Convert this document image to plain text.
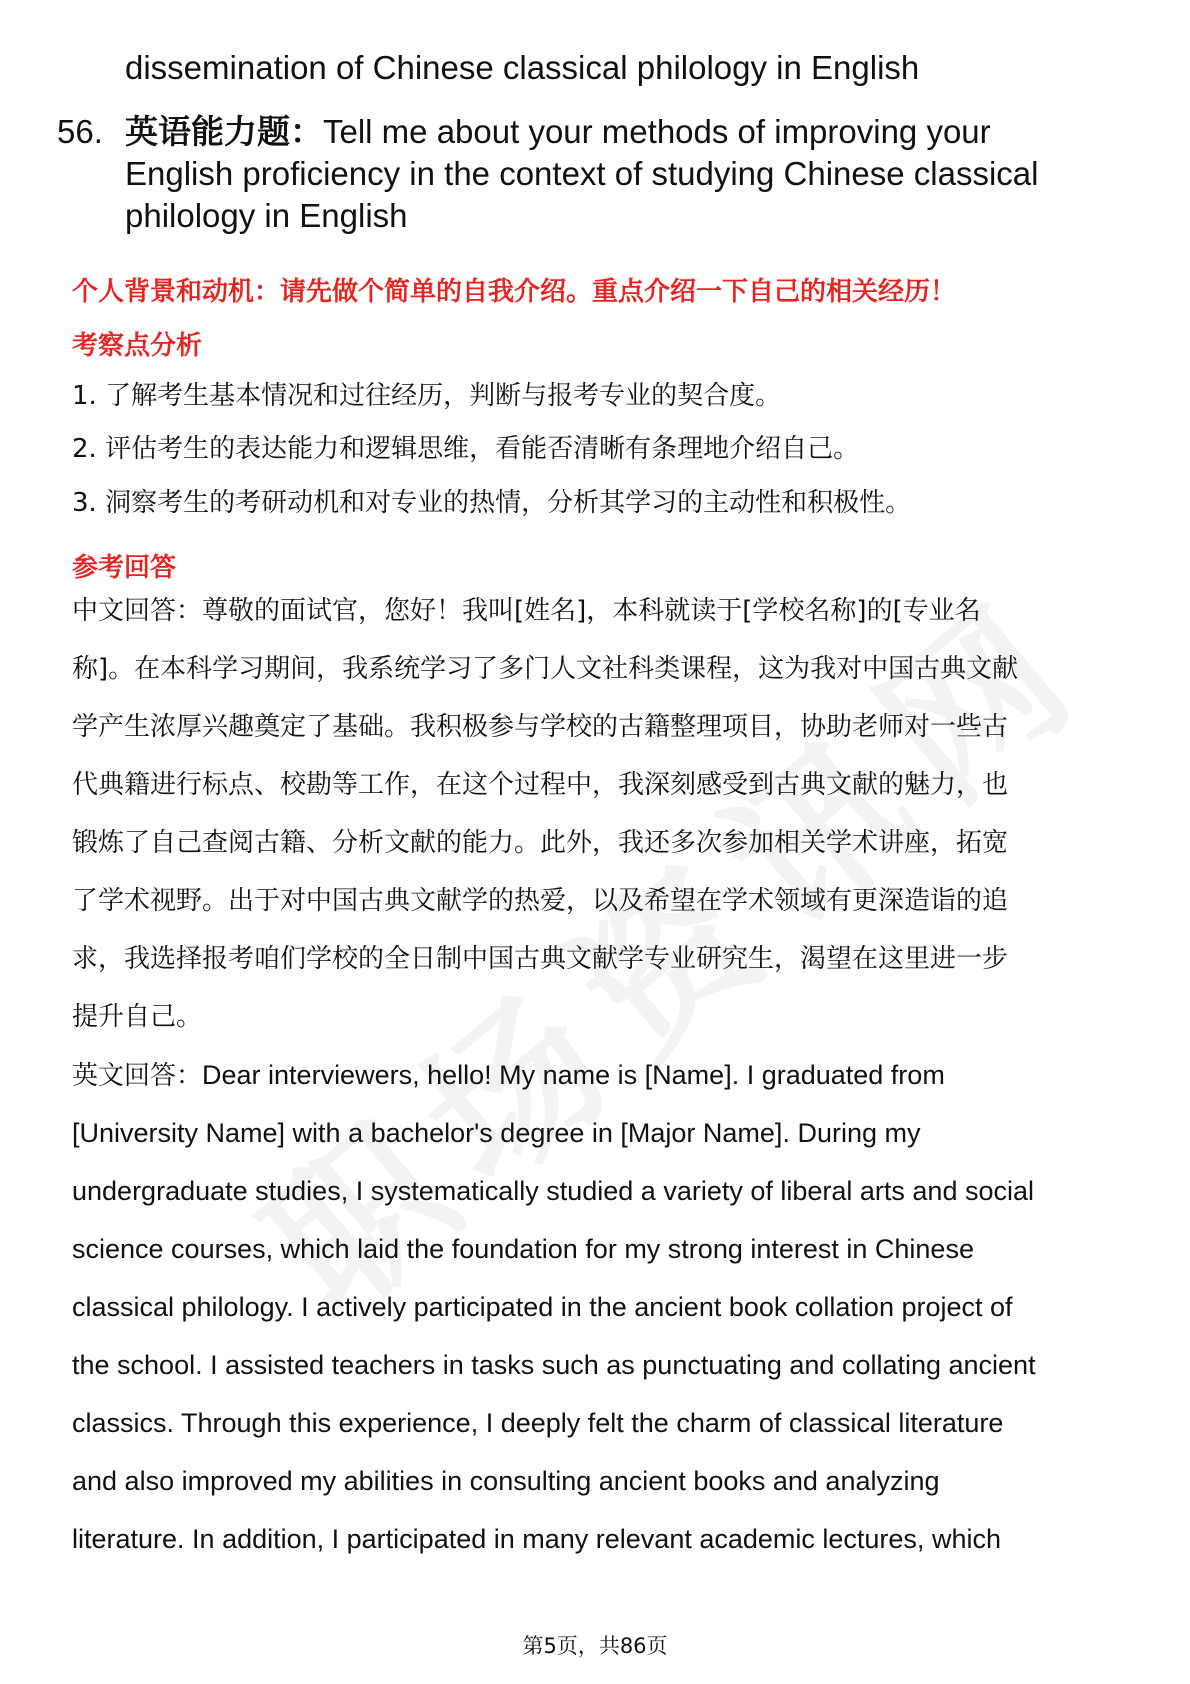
dissemination of Chinese classical philology in English
56. 英语能力题：Tell me about your methods of improving your
English proficiency in the context of studying Chinese classical
philology in English
个人背景和动机：请先做个简单的自我介绍。重点介绍一下自己的相关经历！
考察点分析
1. 了解考生基本情况和过往经历，判断与报考专业的契合度。
2. 评估考生的表达能力和逻辑思维，看能否清晰有条理地介绍自己。
3. 洞察考生的考研动机和对专业的热情，分析其学习的主动性和积极性。
参考回答
中文回答：尊敬的面试官，您好！我叫[姓名]，本科就读于[学校名称]的[专业名
称]。在本科学习期间，我系统学习了多门人文社科类课程，这为我对中国古典文献
学产生浓厚兴趣奠定了基础。我积极参与学校的古籍整理项目，协助老师对一些古
代典籍进行标点、校勘等工作，在这个过程中，我深刻感受到古典文献的魅力，也
锻炼了自己查阅古籍、分析文献的能力。此外，我还多次参加相关学术讲座，拓宽
了学术视野。出于对中国古典文献学的热爱，以及希望在学术领域有更深造诣的追
求，我选择报考咱们学校的全日制中国古典文献学专业研究生，渴望在这里进一步
提升自己。
英文回答：Dear interviewers, hello! My name is [Name]. I graduated from
[University Name] with a bachelor's degree in [Major Name]. During my
undergraduate studies, I systematically studied a variety of liberal arts and social
science courses, which laid the foundation for my strong interest in Chinese
classical philology. I actively participated in the ancient book collation project of
the school. I assisted teachers in tasks such as punctuating and collating ancient
classics. Through this experience, I deeply felt the charm of classical literature
and also improved my abilities in consulting ancient books and analyzing
literature. In addition, I participated in many relevant academic lectures, which
第5页，共86页
